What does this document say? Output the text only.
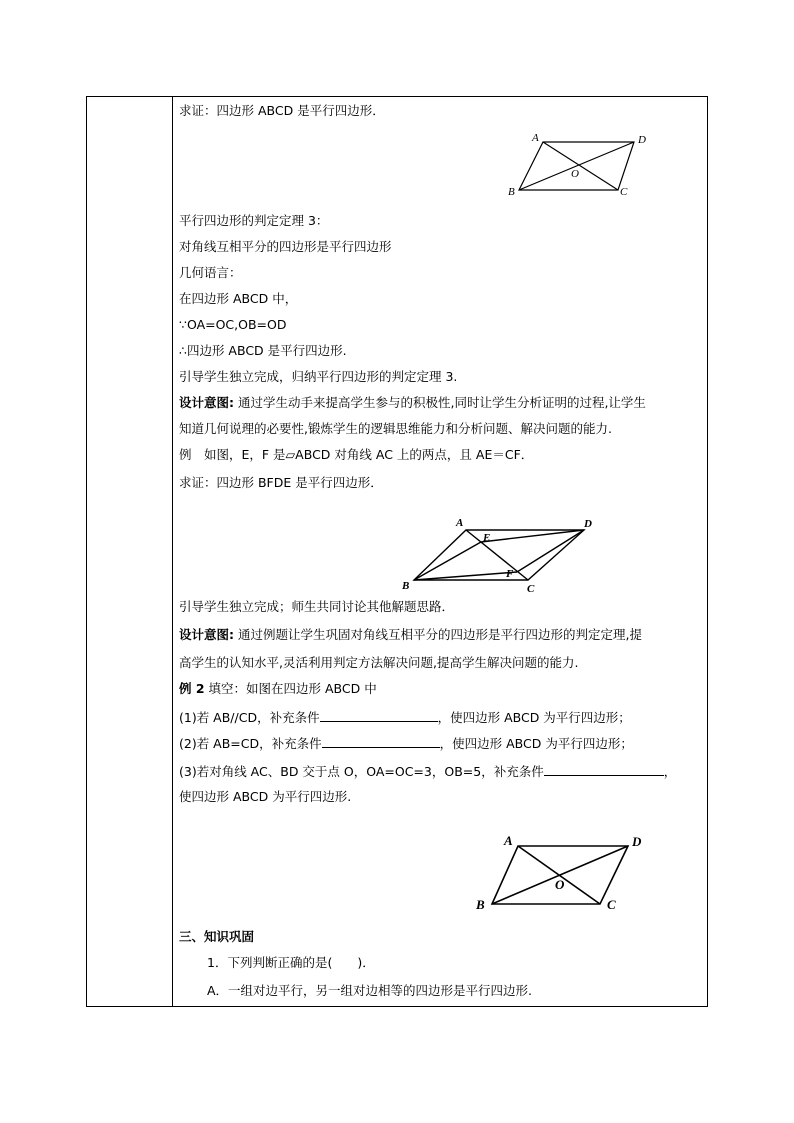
求证：四边形 ABCD 是平行四边形．
平行四边形的判定定理 3：
对角线互相平分的四边形是平行四边形
几何语言：
在四边形 ABCD 中，
∵OA=OC,OB=OD
∴四边形 ABCD 是平行四边形.
引导学生独立完成，归纳平行四边形的判定定理 3.
设计意图: 通过学生动手来提高学生参与的积极性,同时让学生分析证明的过程,让学生
知道几何说理的必要性,锻炼学生的逻辑思维能力和分析问题、解决问题的能力.
例　如图，E，F 是▱ABCD 对角线 AC 上的两点，且 AE＝CF．
求证：四边形 BFDE 是平行四边形．
引导学生独立完成；师生共同讨论其他解题思路．
设计意图: 通过例题让学生巩固对角线互相平分的四边形是平行四边形的判定定理,提
高学生的认知水平,灵活利用判定方法解决问题,提高学生解决问题的能力.
例 2 填空：如图在四边形 ABCD 中
(1)若 AB//CD，补充条件	，使四边形 ABCD 为平行四边形；
(2)若 AB=CD，补充条件	，使四边形 ABCD 为平行四边形；
(3)若对角线 AC、BD 交于点 O，OA=OC=3，OB=5，补充条件	，
使四边形 ABCD 为平行四边形.
三、知识巩固
1．下列判断正确的是(　　)．
A．一组对边平行，另一组对边相等的四边形是平行四边形.
A	D
B	C
O
A	D
E
F
B	C
A	D
B	C
O
